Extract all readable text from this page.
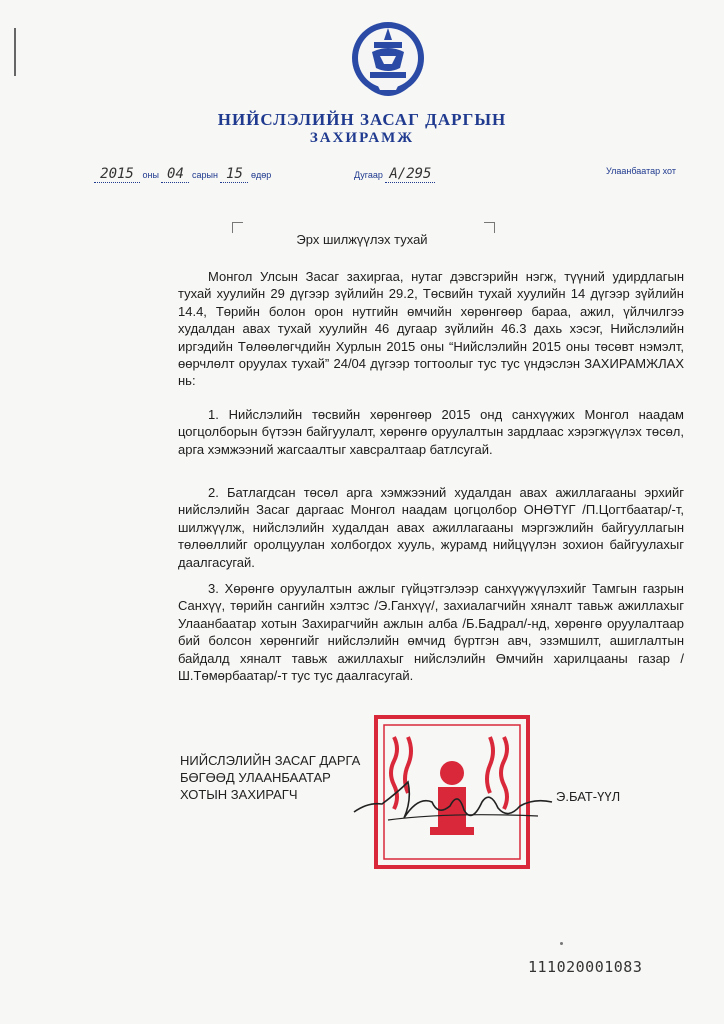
НИЙСЛЭЛИЙН ЗАСАГ ДАРГЫН
ЗАХИРАМЖ
2015 оны 04 сарын 15 өдөр	Дугаар А/295	Улаанбаатар хот
Эрх шилжүүлэх тухай

Монгол Улсын Засаг захиргаа, нутаг дэвсгэрийн нэгж, түүний удирдлагын тухай хуулийн 29 дүгээр зүйлийн 29.2, Төсвийн тухай хуулийн 14 дүгээр зүйлийн 14.4, Төрийн болон орон нутгийн өмчийн хөрөнгөөр бараа, ажил, үйлчилгээ худалдан авах тухай хуулийн 46 дугаар зүйлийн 46.3 дахь хэсэг, Нийслэлийн иргэдийн Төлөөлөгчдийн Хурлын 2015 оны “Нийслэлийн 2015 оны төсөвт нэмэлт, өөрчлөлт оруулах тухай” 24/04 дүгээр тогтоолыг тус тус үндэслэн ЗАХИРАМЖЛАХ нь:

1. Нийслэлийн төсвийн хөрөнгөөр 2015 онд санхүүжих Монгол наадам цогцолборын бүтээн байгуулалт, хөрөнгө оруулалтын зардлаас хэрэгжүүлэх төсөл, арга хэмжээний жагсаалтыг хавсралтаар батлсугай.

2. Батлагдсан төсөл арга хэмжээний худалдан авах ажиллагааны эрхийг нийслэлийн Засаг даргаас Монгол наадам цогцолбор ОНӨТҮГ /П.Цогтбаатар/-т, шилжүүлж, нийслэлийн худалдан авах ажиллагааны мэргэжлийн байгууллагын төлөөллийг оролцуулан холбогдох хууль, журамд нийцүүлэн зохион байгуулахыг даалгасугай.

3. Хөрөнгө оруулалтын ажлыг гүйцэтгэлээр санхүүжүүлэхийг Тамгын газрын Санхүү, төрийн сангийн хэлтэс /Э.Ганхүү/, захиалагчийн хяналт тавьж ажиллахыг Улаанбаатар хотын Захирагчийн ажлын алба /Б.Бадрал/-нд, хөрөнгө оруулалтаар бий болсон хөрөнгийг нийслэлийн өмчид бүртгэн авч, эзэмшилт, ашиглалтын байдалд хяналт тавьж ажиллахыг нийслэлийн Өмчийн харилцааны газар /Ш.Төмөрбаатар/-т тус тус даалгасугай.

НИЙСЛЭЛИЙН ЗАСАГ ДАРГА
БӨГӨӨД УЛААНБААТАР
ХОТЫН ЗАХИРАГЧ	Э.БАТ-ҮҮЛ
111020001083
